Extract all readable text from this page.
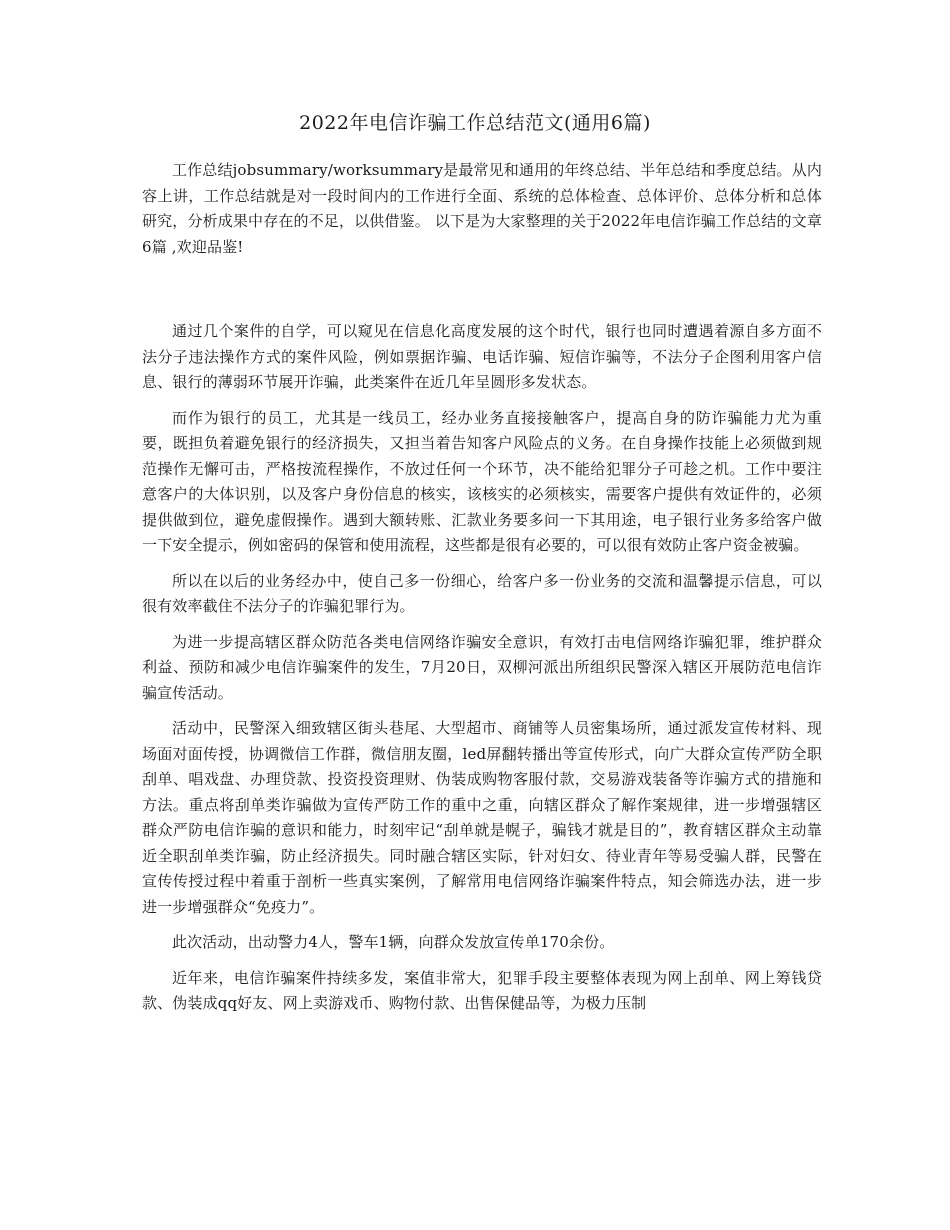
2022年电信诈骗工作总结范文(通用6篇)

工作总结jobsummary/worksummary是最常见和通用的年终总结、半年总结和季度总结。从内容上讲，工作总结就是对一段时间内的工作进行全面、系统的总体检查、总体评价、总体分析和总体研究，分析成果中存在的不足，以供借鉴。 以下是为大家整理的关于2022年电信诈骗工作总结的文章6篇 ,欢迎品鉴!

通过几个案件的自学，可以窥见在信息化高度发展的这个时代，银行也同时遭遇着源自多方面不法分子违法操作方式的案件风险，例如票据诈骗、电话诈骗、短信诈骗等，不法分子企图利用客户信息、银行的薄弱环节展开诈骗，此类案件在近几年呈圆形多发状态。

而作为银行的员工，尤其是一线员工，经办业务直接接触客户，提高自身的防诈骗能力尤为重要，既担负着避免银行的经济损失，又担当着告知客户风险点的义务。在自身操作技能上必须做到规范操作无懈可击，严格按流程操作，不放过任何一个环节，决不能给犯罪分子可趁之机。工作中要注意客户的大体识别，以及客户身份信息的核实，该核实的必须核实，需要客户提供有效证件的，必须提供做到位，避免虚假操作。遇到大额转账、汇款业务要多问一下其用途，电子银行业务多给客户做一下安全提示，例如密码的保管和使用流程，这些都是很有必要的，可以很有效防止客户资金被骗。

所以在以后的业务经办中，使自己多一份细心，给客户多一份业务的交流和温馨提示信息，可以很有效率截住不法分子的诈骗犯罪行为。

为进一步提高辖区群众防范各类电信网络诈骗安全意识，有效打击电信网络诈骗犯罪，维护群众利益、预防和减少电信诈骗案件的发生，7月20日，双柳河派出所组织民警深入辖区开展防范电信诈骗宣传活动。

活动中，民警深入细致辖区街头巷尾、大型超市、商铺等人员密集场所，通过派发宣传材料、现场面对面传授，协调微信工作群，微信朋友圈，led屏翻转播出等宣传形式，向广大群众宣传严防全职刮单、唱戏盘、办理贷款、投资投资理财、伪装成购物客服付款，交易游戏装备等诈骗方式的措施和方法。重点将刮单类诈骗做为宣传严防工作的重中之重，向辖区群众了解作案规律，进一步增强辖区群众严防电信诈骗的意识和能力，时刻牢记“刮单就是幌子，骗钱才就是目的”，教育辖区群众主动靠近全职刮单类诈骗，防止经济损失。同时融合辖区实际，针对妇女、待业青年等易受骗人群，民警在宣传传授过程中着重于剖析一些真实案例，了解常用电信网络诈骗案件特点，知会筛选办法，进一步进一步增强群众“免疫力”。

此次活动，出动警力4人，警车1辆，向群众发放宣传单170余份。

近年来，电信诈骗案件持续多发，案值非常大，犯罪手段主要整体表现为网上刮单、网上筹钱贷款、伪装成qq好友、网上卖游戏币、购物付款、出售保健品等，为极力压制
